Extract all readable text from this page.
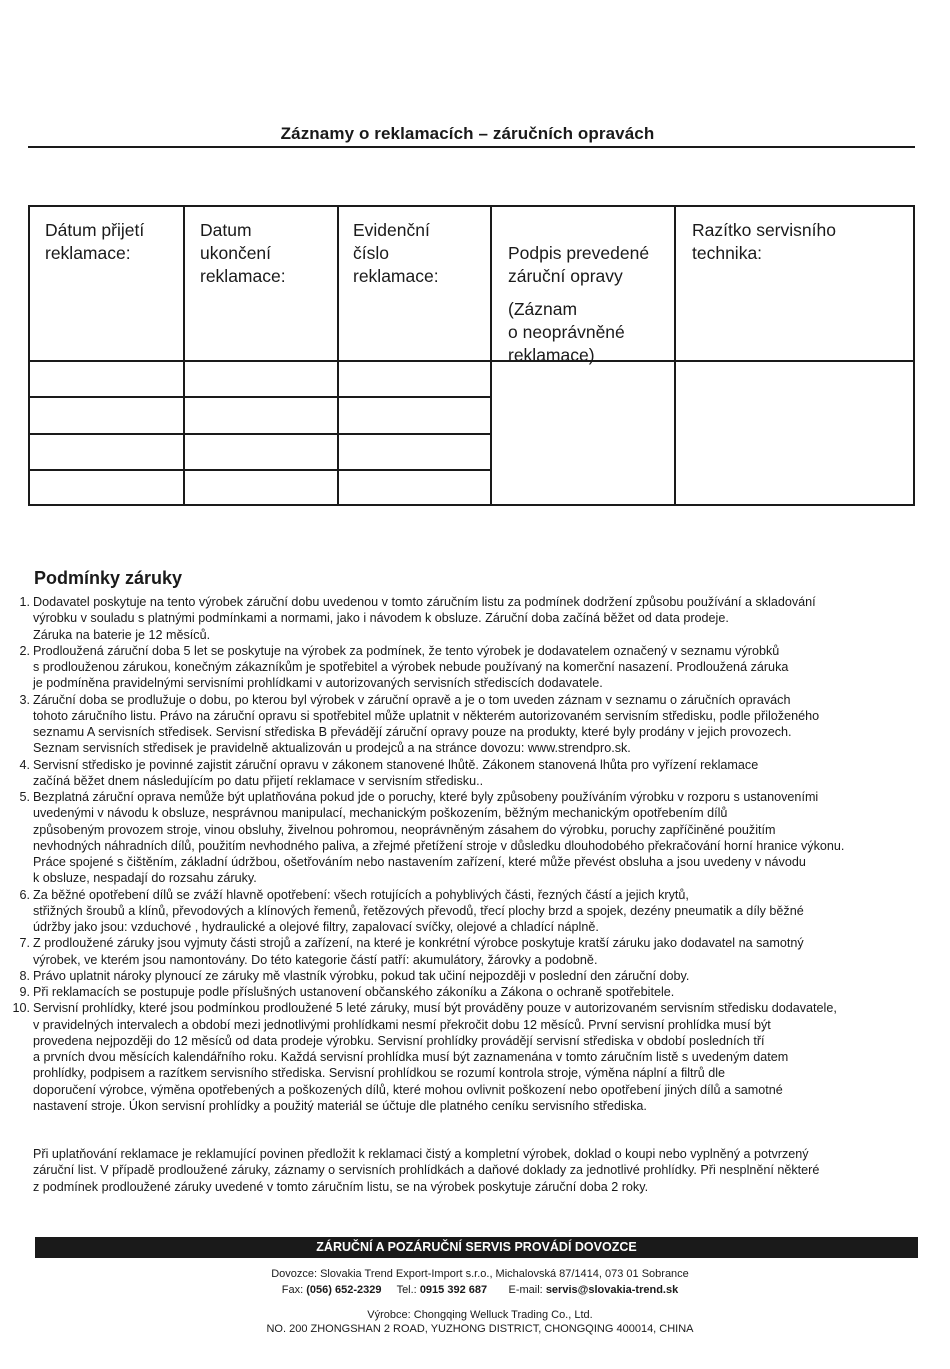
Záznamy o reklamacích – záručních opravách
Dátum přijetí
reklamace:
Datum
ukončení
reklamace:
Evidenční
číslo
reklamace:

Podpis prevedené
záruční opravy

(Záznam
o neoprávněné
reklamace)

Razítko servisního
technika:
Podmínky záruky
1. Dodavatel poskytuje na tento výrobek záruční dobu uvedenou v tomto záručním listu za podmínek dodržení způsobu používání a skladování
výrobku v souladu s platnými podmínkami a normami, jako i návodem k obsluze. Záruční doba začíná běžet od data prodeje.
Záruka na baterie je 12 měsíců.
2. Prodloužená záruční doba 5 let se poskytuje na výrobek za podmínek, že tento výrobek je dodavatelem označený v seznamu výrobků
s prodlouženou zárukou, konečným zákazníkům je spotřebitel a výrobek nebude používaný na komerční nasazení. Prodloužená záruka
je podmíněna pravidelnými servisními prohlídkami v autorizovaných servisních střediscích dodavatele.
3. Záruční doba se prodlužuje o dobu, po kterou byl výrobek v záruční opravě a je o tom uveden záznam v seznamu o záručních opravách
tohoto záručního listu. Právo na záruční opravu si spotřebitel může uplatnit v některém autorizovaném servisním středisku, podle přiloženého
seznamu A servisních středisek. Servisní střediska B převádějí záruční opravy pouze na produkty, které byly prodány v jejich provozech.
Seznam servisních středisek je pravidelně aktualizován u prodejců a na stránce dovozu: www.strendpro.sk.
4. Servisní středisko je povinné zajistit záruční opravu v zákonem stanovené lhůtě. Zákonem stanovená lhůta pro vyřízení reklamace
začíná běžet dnem následujícím po datu přijetí reklamace v servisním středisku..
5. Bezplatná záruční oprava nemůže být uplatňována pokud jde o poruchy, které byly způsobeny používáním výrobku v rozporu s ustanoveními
uvedenými v návodu k obsluze, nesprávnou manipulací, mechanickým poškozením, běžným mechanickým opotřebením dílů
způsobeným provozem stroje, vinou obsluhy, živelnou pohromou, neoprávněným zásahem do výrobku, poruchy zapříčiněné použitím
nevhodných náhradních dílů, použitím nevhodného paliva, a zřejmé přetížení stroje v důsledku dlouhodobého překračování horní hranice výkonu.
Práce spojené s čištěním, základní údržbou, ošetřováním nebo nastavením zařízení, které může převést obsluha a jsou uvedeny v návodu
k obsluze, nespadají do rozsahu záruky.
6. Za běžné opotřebení dílů se zváží hlavně opotřebení: všech rotujících a pohyblivých části, řezných částí a jejich krytů,
střižných šroubů a klínů, převodových a klínových řemenů, řetězových převodů, třecí plochy brzd a spojek, dezény pneumatik a díly běžné
údržby jako jsou: vzduchové , hydraulické a olejové filtry, zapalovací svíčky, olejové a chladící náplně.
7. Z prodloužené záruky jsou vyjmuty části strojů a zařízení, na které je konkrétní výrobce poskytuje kratší záruku jako dodavatel na samotný
výrobek, ve kterém jsou namontovány. Do této kategorie částí patří: akumulátory, žárovky a podobně.
8. Právo uplatnit nároky plynoucí ze záruky mě vlastník výrobku, pokud tak učiní nejpozději v poslední den záruční doby.
9. Při reklamacích se postupuje podle příslušných ustanovení občanského zákoníku a Zákona o ochraně spotřebitele.
10. Servisní prohlídky, které jsou podmínkou prodloužené 5 leté záruky, musí být prováděny pouze v autorizovaném servisním středisku dodavatele,
v pravidelných intervalech a období mezi jednotlivými prohlídkami nesmí překročit dobu 12 měsíců. První servisní prohlídka musí být
provedena nejpozději do 12 měsíců od data prodeje výrobku. Servisní prohlídky provádějí servisní střediska v období posledních tří
a prvních dvou měsících kalendářního roku. Každá servisní prohlídka musí být zaznamenána v tomto záručním listě s uvedeným datem
prohlídky, podpisem a razítkem servisního střediska. Servisní prohlídkou se rozumí kontrola stroje, výměna náplní a filtrů dle
doporučení výrobce, výměna opotřebených a poškozených dílů, které mohou ovlivnit poškození nebo opotřebení jiných dílů a samotné
nastavení stroje. Úkon servisní prohlídky a použitý materiál se účtuje dle platného ceníku servisního střediska.
Při uplatňování reklamace je reklamující povinen předložit k reklamaci čistý a kompletní výrobek, doklad o koupi nebo vyplněný a potvrzený
záruční list. V případě prodloužené záruky, záznamy o servisních prohlídkách a daňové doklady za jednotlivé prohlídky. Při nesplnění některé
z podmínek prodloužené záruky uvedené v tomto záručním listu, se na výrobek poskytuje záruční doba 2 roky.
ZÁRUČNÍ A POZÁRUČNÍ SERVIS PROVÁDÍ DOVOZCE
Dovozce: Slovakia Trend Export-Import s.r.o., Michalovská 87/1414, 073 01 Sobrance
Fax: (056) 652-2329 Tel.: 0915 392 687 E-mail: servis@slovakia-trend.sk
Výrobce: Chongqing Welluck Trading Co., Ltd.
NO. 200 ZHONGSHAN 2 ROAD, YUZHONG DISTRICT, CHONGQING 400014, CHINA
